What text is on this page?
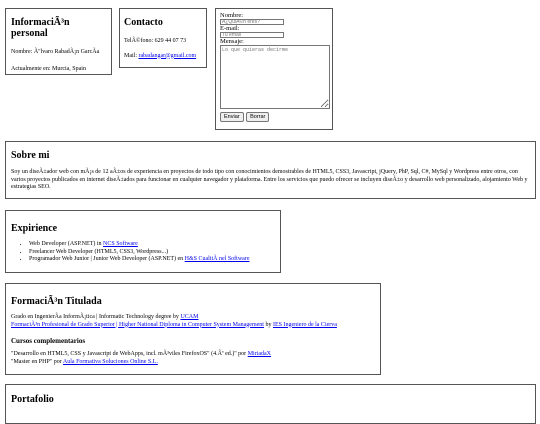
InformaciÃ³n personal
Nombre: Ã"lvaro RabadÃ¡n GarcÃa
Actualmente en: Murcia, Spain
Contacto
TelÃ©fono: 629 44 07 73
Mail: rabadangar@gmail.com
Nombre:
Â¿QuiÃ©n eres?
E-mail:
Tu email
Mensaje:
Lo que quieras decirme
Enviar Borrar
Sobre mi
Soy un diseÃ±ador web con mÃ¡s de 12 aÃ±os de experiencia en proyectos de todo tipo con conocimientos demostrables de HTML5, CSS3, Javascript, jQuery, PhP, Sql, C#, MySql y Wordpress entre otros, con varios proyectos publicados en internet diseÃ±ados para funcionar en cualquier navegador y plataforma. Entre los servicios que puedo ofrecer se incluyen diseÃ±o y desarrollo web personalizado, alojamiento Web y estrategias SEO.
Expirience
• Web Developer (ASP.NET) in NCS Software
• Freelancer Web Developer (HTML5, CSS3, Wordpress...)
• Programador Web Junior | Junior Web Developer (ASP.NET) en H&S CualitÃ nel Software
FormaciÃ³n Titulada
Grado en IngenierÃa InformÃ¡tica | Informatic Technology degree by UCAM
FormaciÃ³n Profesional de Grado Superior | Higher National Diploma in Computer System Management by IES Ingeniero de la Cierva
Cursos complementarios
"Desarrollo en HTML5, CSS y Javascript de WebApps, incl. mÃ³viles FirefoxOS" (4.Âª ed.)" por MiriadaX
"Master en PHP" por Aula Formativa Soluciones Online S.L.
Portafolio
